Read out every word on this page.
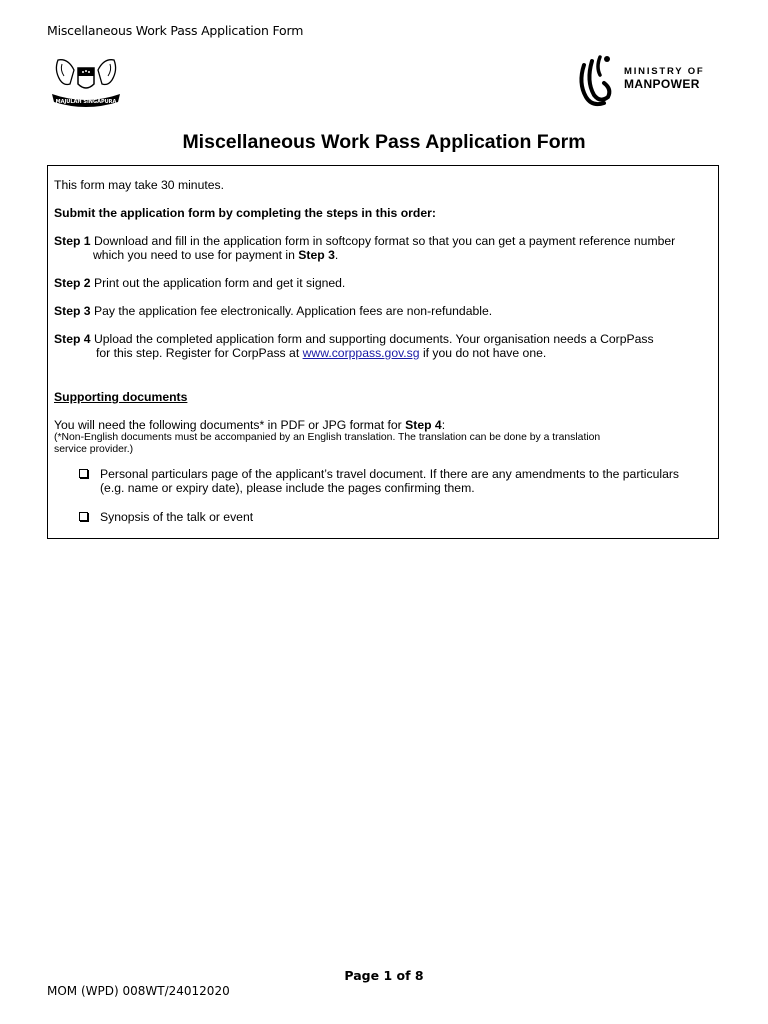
Miscellaneous Work Pass Application Form
MAJULAH SINGAPURA
MINISTRY OF
MANPOWER
Miscellaneous Work Pass Application Form
This form may take 30 minutes.
Submit the application form by completing the steps in this order:
Step 1 Download and fill in the application form in softcopy format so that you can get a payment reference number
which you need to use for payment in Step 3.
Step 2 Print out the application form and get it signed.
Step 3 Pay the application fee electronically. Application fees are non-refundable.
Step 4 Upload the completed application form and supporting documents. Your organisation needs a CorpPass
for this step. Register for CorpPass at www.corppass.gov.sg if you do not have one.
Supporting documents
You will need the following documents* in PDF or JPG format for Step 4:
(*Non-English documents must be accompanied by an English translation. The translation can be done by a translation
service provider.)
Personal particulars page of the applicant’s travel document. If there are any amendments to the particulars
(e.g. name or expiry date), please include the pages confirming them.
Synopsis of the talk or event
Page 1 of 8
MOM (WPD) 008WT/24012020
